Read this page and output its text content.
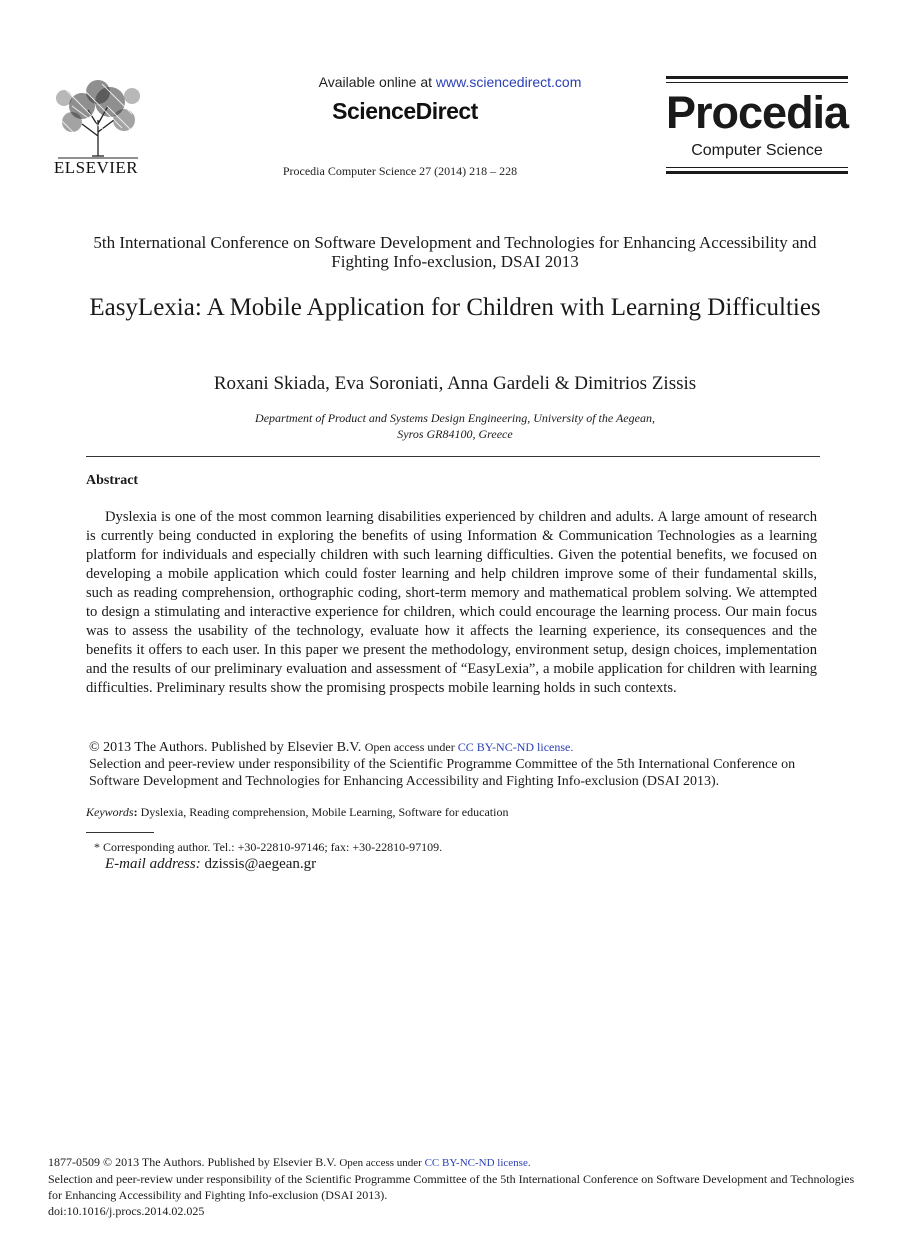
ELSEVIER
Available online at www.sciencedirect.com
ScienceDirect
Procedia Computer Science 27 (2014) 218 – 228
Procedia
Computer Science
5th International Conference on Software Development and Technologies for Enhancing Accessibility and Fighting Info-exclusion, DSAI 2013
EasyLexia: A Mobile Application for Children with Learning Difficulties
Roxani Skiada, Eva Soroniati, Anna Gardeli & Dimitrios Zissis
Department of Product and Systems Design Engineering, University of the Aegean,
Syros GR84100, Greece
Abstract
Dyslexia is one of the most common learning disabilities experienced by children and adults. A large amount of research is currently being conducted in exploring the benefits of using Information & Communication Technologies as a learning platform for individuals and especially children with such learning difficulties. Given the potential benefits, we focused on developing a mobile application which could foster learning and help children improve some of their fundamental skills, such as reading comprehension, orthographic coding, short-term memory and mathematical problem solving. We attempted to design a stimulating and interactive experience for children, which could encourage the learning process. Our main focus was to assess the usability of the technology, evaluate how it affects the learning experience, its consequences and the benefits it offers to each user. In this paper we present the methodology, environment setup, design choices, implementation and the results of our preliminary evaluation and assessment of “EasyLexia”, a mobile application for children with learning difficulties. Preliminary results show the promising prospects mobile learning holds in such contexts.
© 2013 The Authors. Published by Elsevier B.V. Open access under CC BY-NC-ND license.
Selection and peer-review under responsibility of the Scientific Programme Committee of the 5th International Conference on Software Development and Technologies for Enhancing Accessibility and Fighting Info-exclusion (DSAI 2013).
Keywords: Dyslexia, Reading comprehension, Mobile Learning, Software for education
* Corresponding author. Tel.: +30-22810-97146; fax: +30-22810-97109.
E-mail address: dzissis@aegean.gr
1877-0509 © 2013 The Authors. Published by Elsevier B.V. Open access under CC BY-NC-ND license.
Selection and peer-review under responsibility of the Scientific Programme Committee of the 5th International Conference on Software Development and Technologies for Enhancing Accessibility and Fighting Info-exclusion (DSAI 2013).
doi:10.1016/j.procs.2014.02.025
